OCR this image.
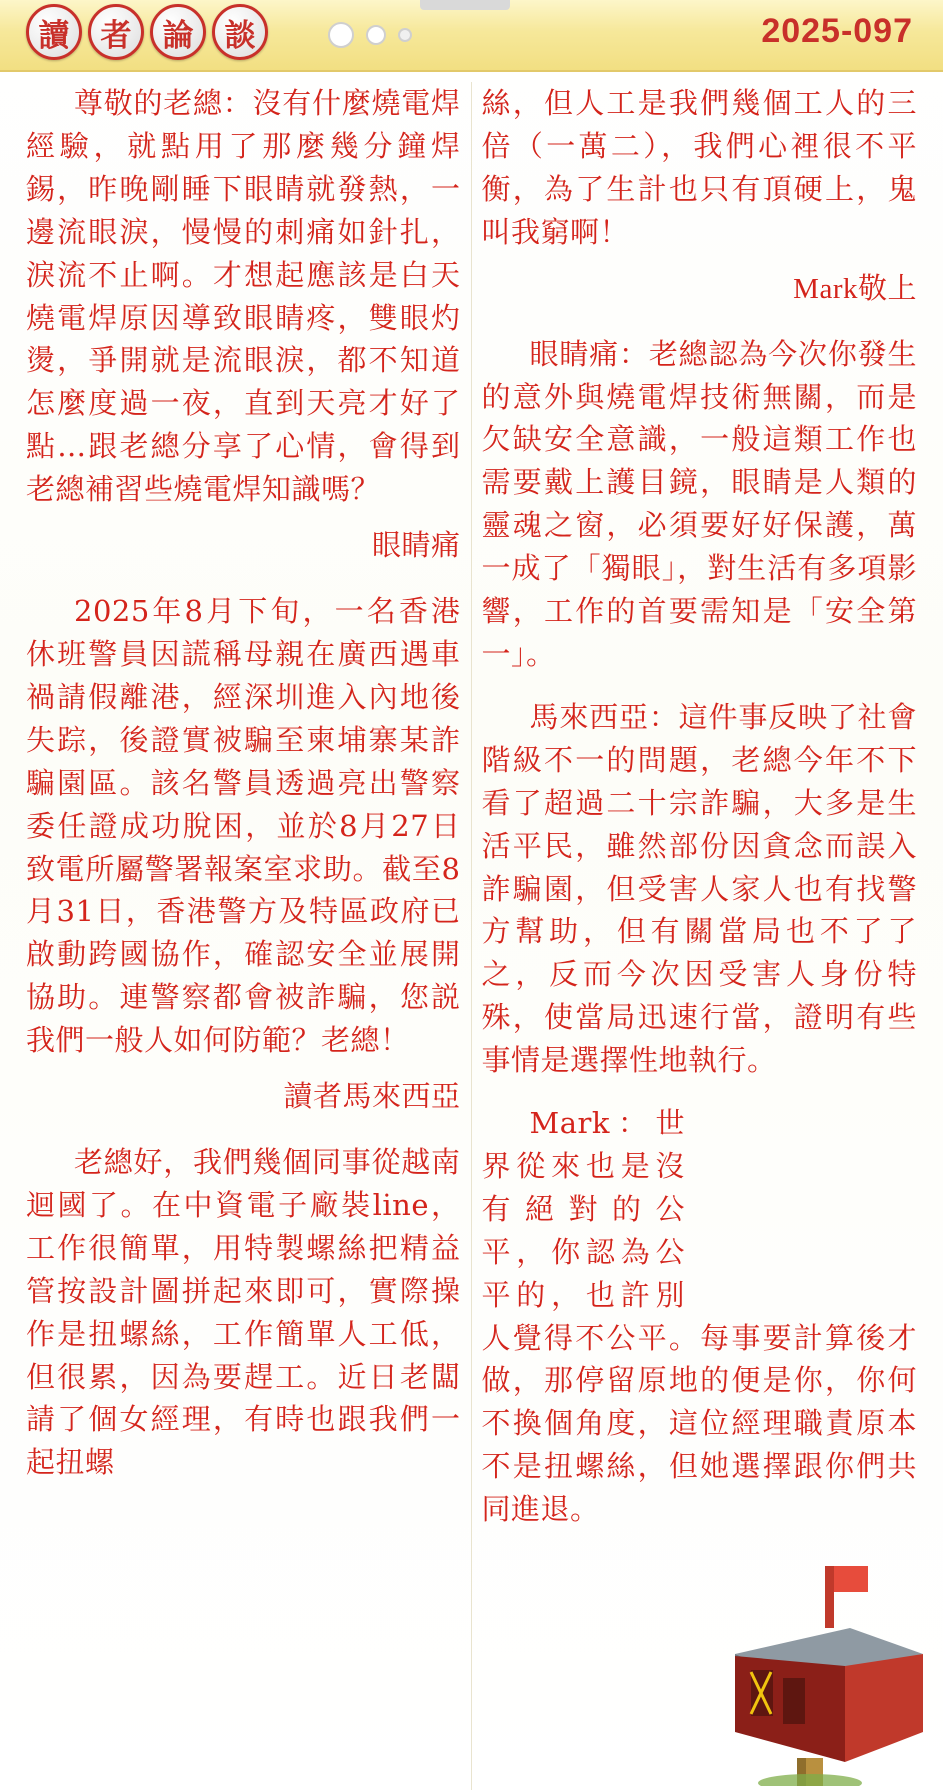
讀	者	論	談	2025-097

尊敬的老總：沒有什麼燒電焊經驗，就點用了那麼幾分鐘焊錫，昨晚剛睡下眼睛就發熱，一邊流眼淚，慢慢的刺痛如針扎，淚流不止啊。才想起應該是白天燒電焊原因導致眼睛疼，雙眼灼燙，爭開就是流眼淚，都不知道怎麼度過一夜，直到天亮才好了點…跟老總分享了心情，會得到老總補習些燒電焊知識嗎？

眼睛痛

2025年8月下旬，一名香港休班警員因謊稱母親在廣西遇車禍請假離港，經深圳進入內地後失踪，後證實被騙至柬埔寨某詐騙園區。該名警員透過亮出警察委任證成功脫困，並於8月27日致電所屬警署報案室求助。截至8月31日，香港警方及特區政府已啟動跨國協作，確認安全並展開協助。連警察都會被詐騙，您説我們一般人如何防範？老總！

讀者馬來西亞

老總好，我們幾個同事從越南迴國了。在中資電子廠裝line，工作很簡單，用特製螺絲把精益管按設計圖拼起來即可，實際操作是扭螺絲，工作簡單人工低，但很累，因為要趕工。近日老闆請了個女經理，有時也跟我們一起扭螺

絲，但人工是我們幾個工人的三倍（一萬二），我們心裡很不平衡，為了生計也只有頂硬上，鬼叫我窮啊！

Mark敬上

眼睛痛：老總認為今次你發生的意外與燒電焊技術無關，而是欠缺安全意識，一般這類工作也需要戴上護目鏡，眼睛是人類的靈魂之窗，必須要好好保護，萬一成了「獨眼」，對生活有多項影響，工作的首要需知是「安全第一」。

馬來西亞：這件事反映了社會階級不一的問題，老總今年不下看了超過二十宗詐騙，大多是生活平民，雖然部份因貪念而誤入詐騙園，但受害人家人也有找警方幫助，但有關當局也不了了之，反而今次因受害人身份特殊，使當局迅速行當，證明有些事情是選擇性地執行。

Mark：世界從來也是沒有絕對的公平，你認為公平的，也許別人覺得不公平。每事要計算後才做，那停留原地的便是你，你何不換個角度，這位經理職責原本不是扭螺絲，但她選擇跟你們共同進退。
